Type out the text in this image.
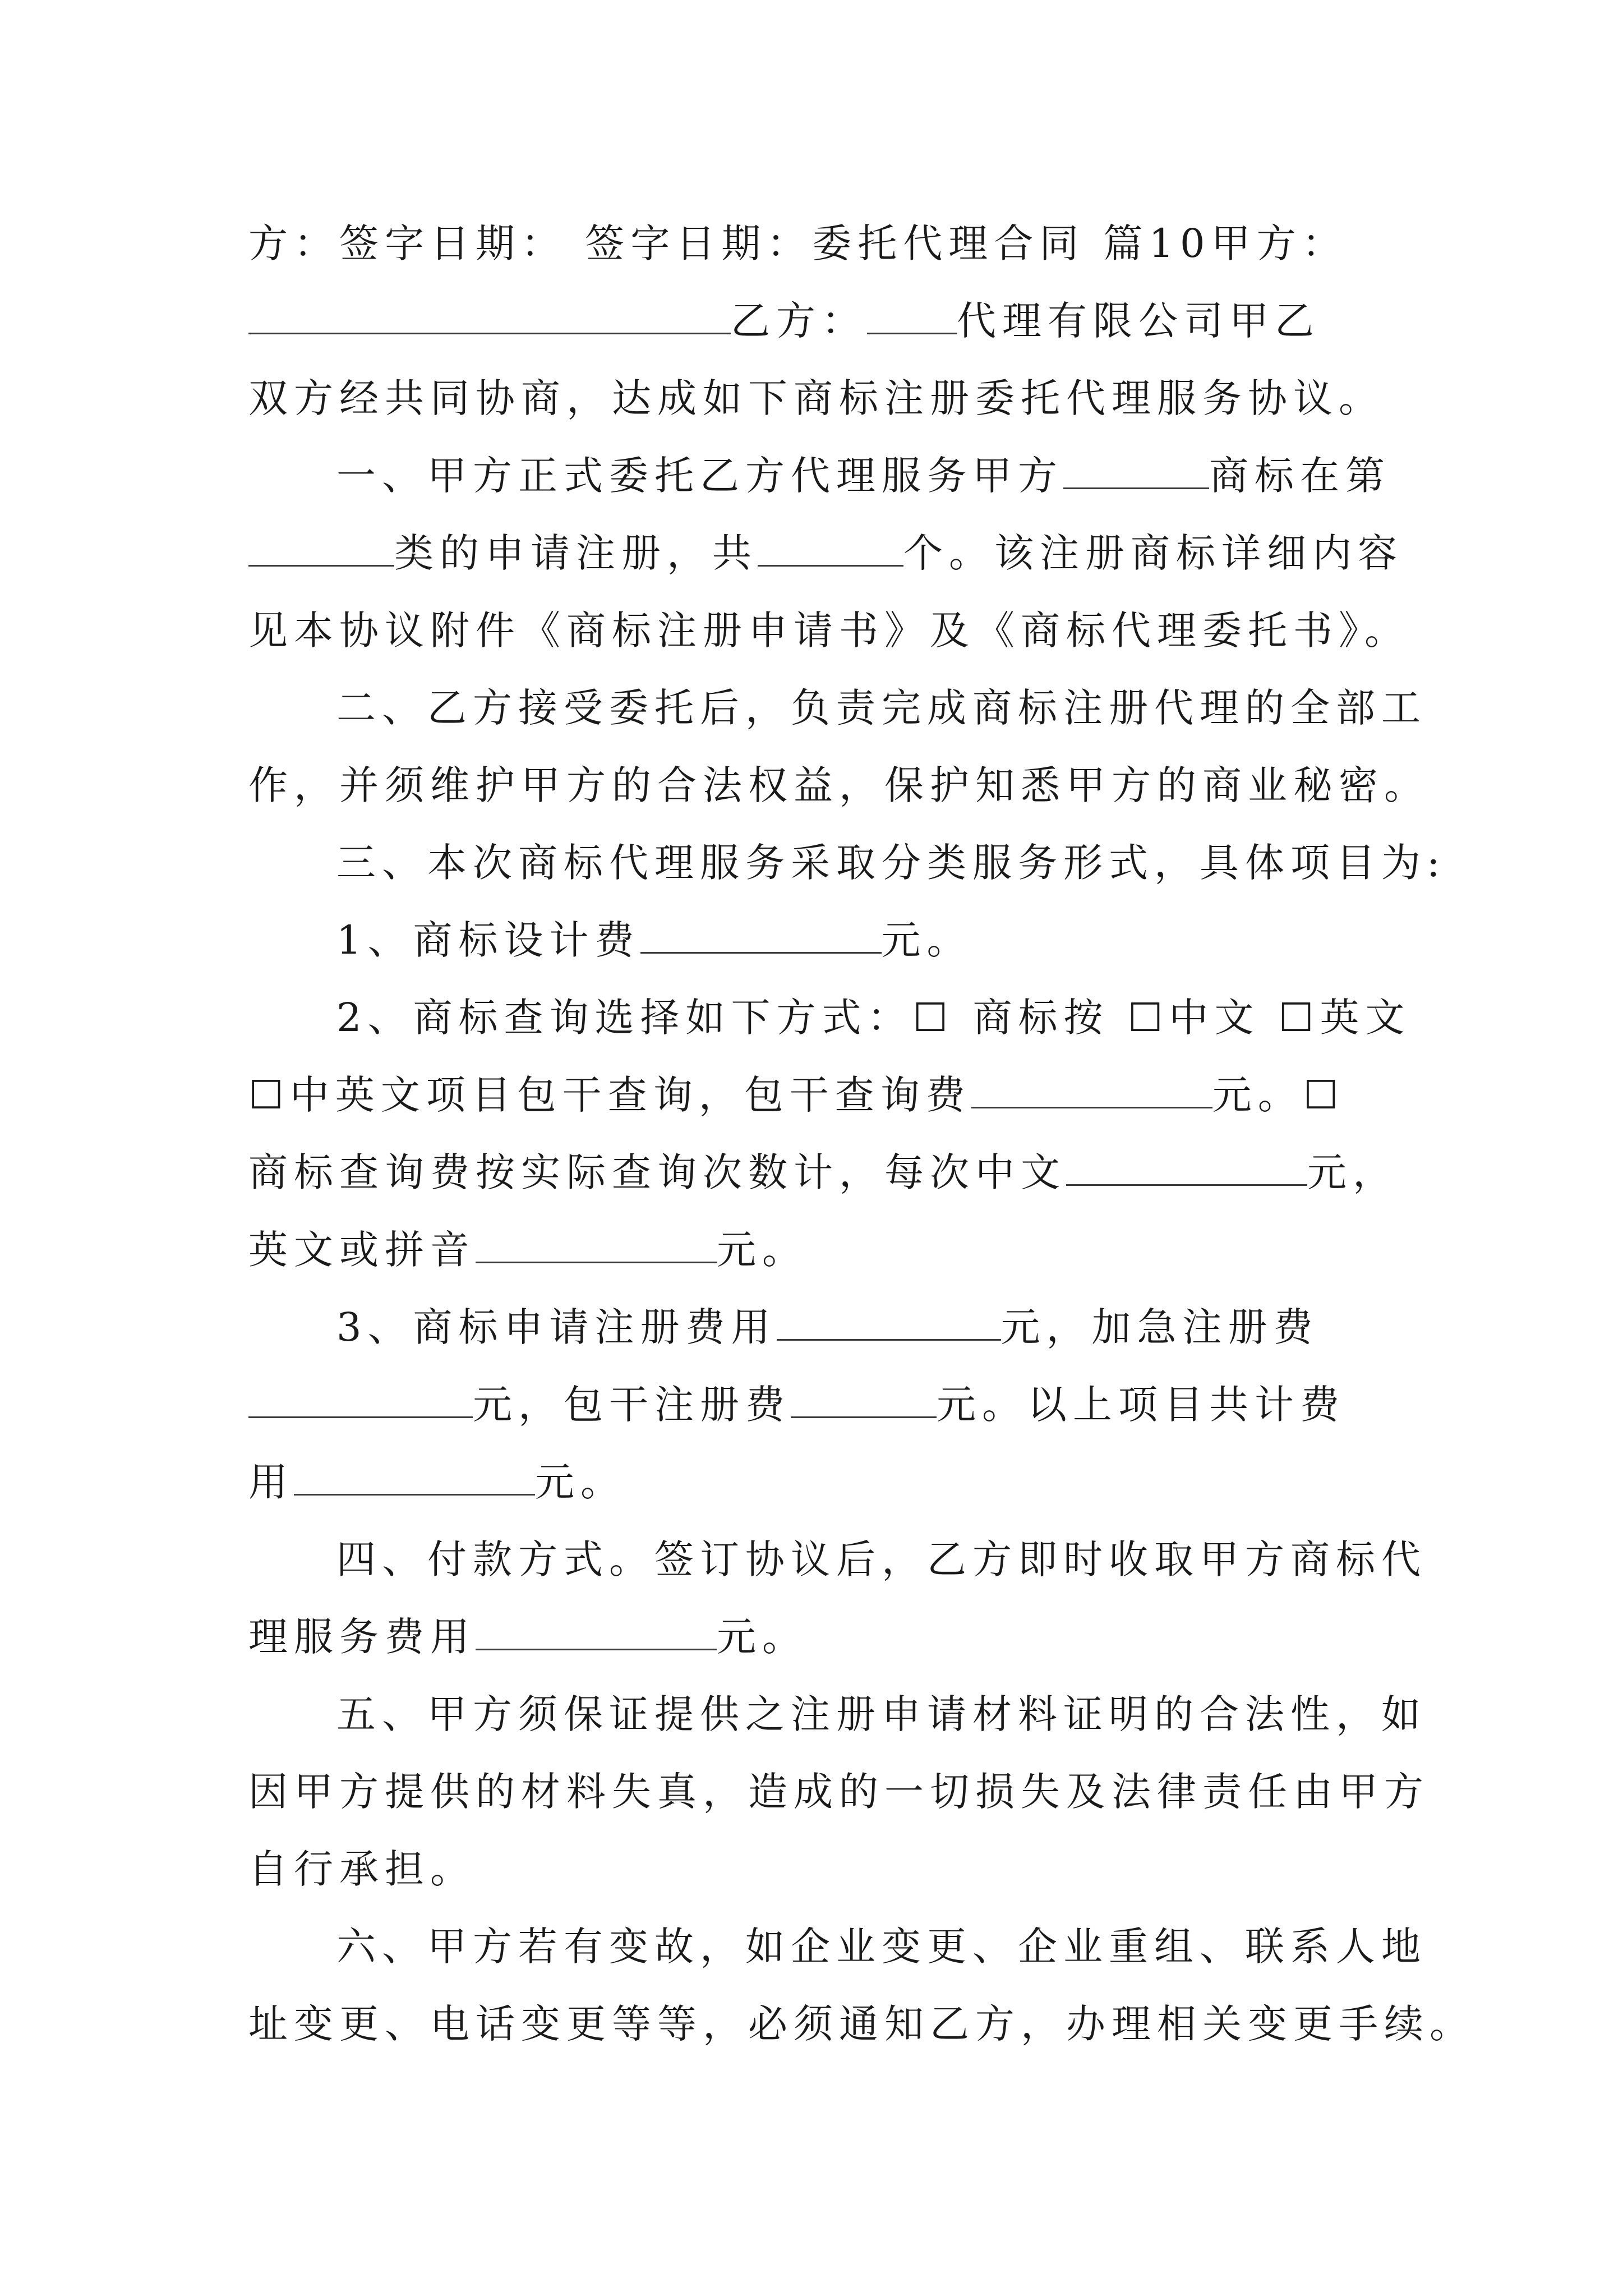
方：签字日期： 签字日期：委托代理合同 篇10甲方：
乙方： 代理有限公司甲乙
双方经共同协商，达成如下商标注册委托代理服务协议。
一、甲方正式委托乙方代理服务甲方	商标在第
类的申请注册，共	个。该注册商标详细内容
见本协议附件《商标注册申请书》及《商标代理委托书》。
二、乙方接受委托后，负责完成商标注册代理的全部工
作，并须维护甲方的合法权益，保护知悉甲方的商业秘密。
三、本次商标代理服务采取分类服务形式，具体项目为:
1、商标设计费	元。
2、商标查询选择如下方式：☐ 商标按 ☐中文 ☐英文
☐中英文项目包干查询，包干查询费	元。☐
商标查询费按实际查询次数计，每次中文	元，
英文或拼音	元。
3、商标申请注册费用	元，加急注册费
元，包干注册费	元。以上项目共计费
用	元。
四、付款方式。签订协议后，乙方即时收取甲方商标代
理服务费用	元。
五、甲方须保证提供之注册申请材料证明的合法性，如
因甲方提供的材料失真，造成的一切损失及法律责任由甲方
自行承担。
六、甲方若有变故，如企业变更、企业重组、联系人地
址变更、电话变更等等，必须通知乙方，办理相关变更手续。
